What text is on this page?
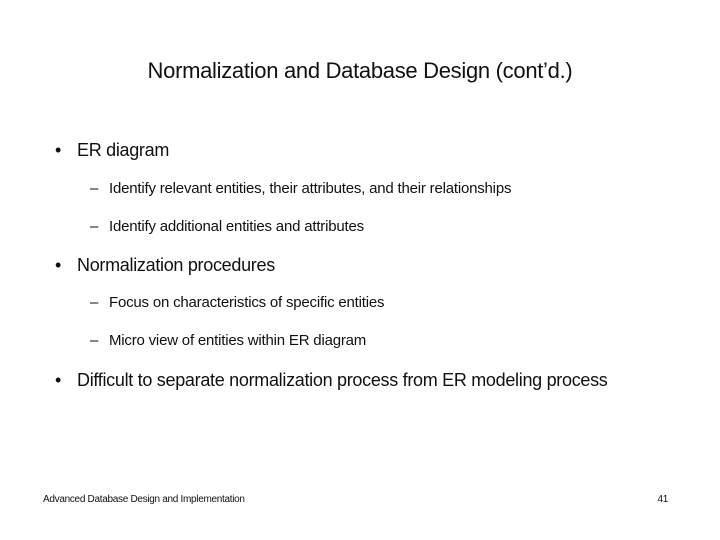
Normalization and Database Design (cont’d.)
• ER diagram
– Identify relevant entities, their attributes, and their relationships
– Identify additional entities and attributes
• Normalization procedures
– Focus on characteristics of specific entities
– Micro view of entities within ER diagram
• Difficult to separate normalization process from ER modeling process
Advanced Database Design and Implementation	41
